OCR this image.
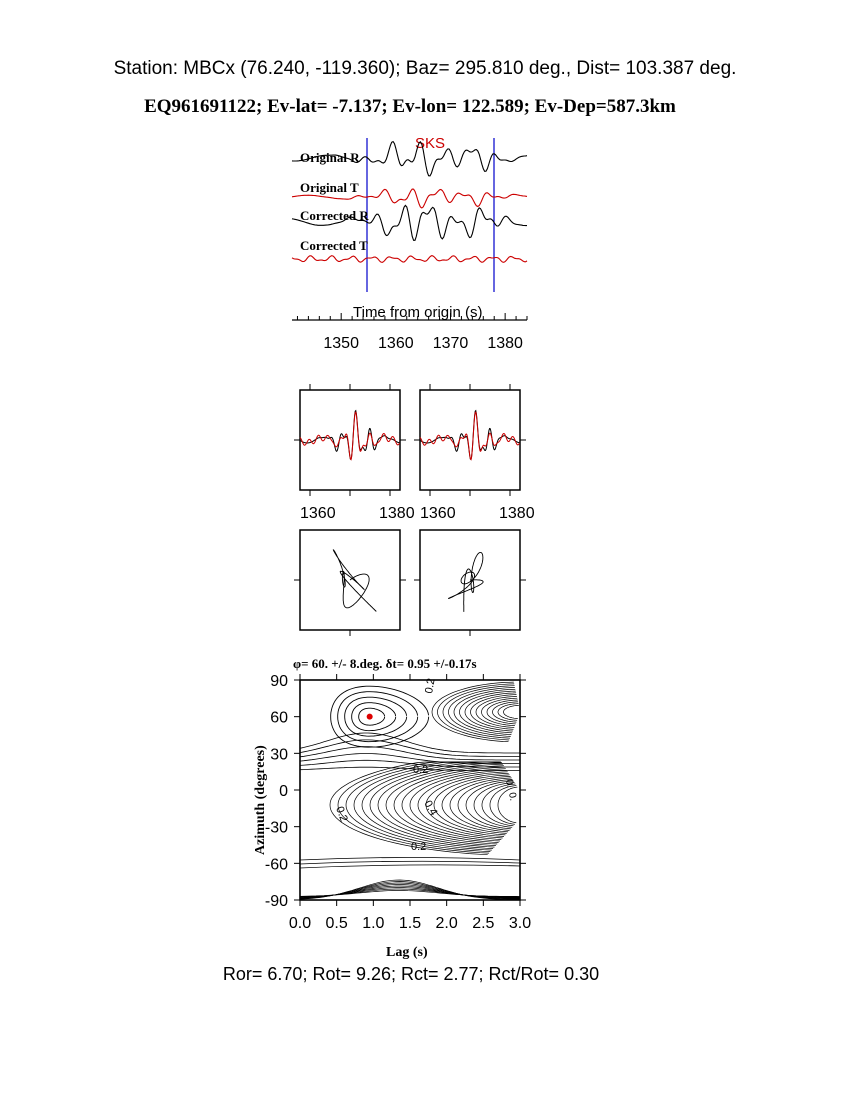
Station: MBCx (76.240, -119.360); Baz= 295.810 deg., Dist= 103.387 deg.
EQ961691122; Ev-lat= -7.137; Ev-lon= 122.589; Ev-Dep=587.3km
SKS
Original R
Original T
Corrected R
Corrected T
Time from origin (s)
1350 1360 1370 1380
1360	1380 1360	1380
φ= 60. +/- 8.deg. δt= 0.95 +/-0.17s
0.0 0.5 1.0 1.5 2.0 2.5 3.0
90
60
30
0
-30
-60
-90
0.2
0.2
0.2
0.2
0.4
0.
0.
Lag (s)
Azimuth (degrees)
Ror= 6.70; Rot= 9.26; Rct= 2.77; Rct/Rot= 0.30
